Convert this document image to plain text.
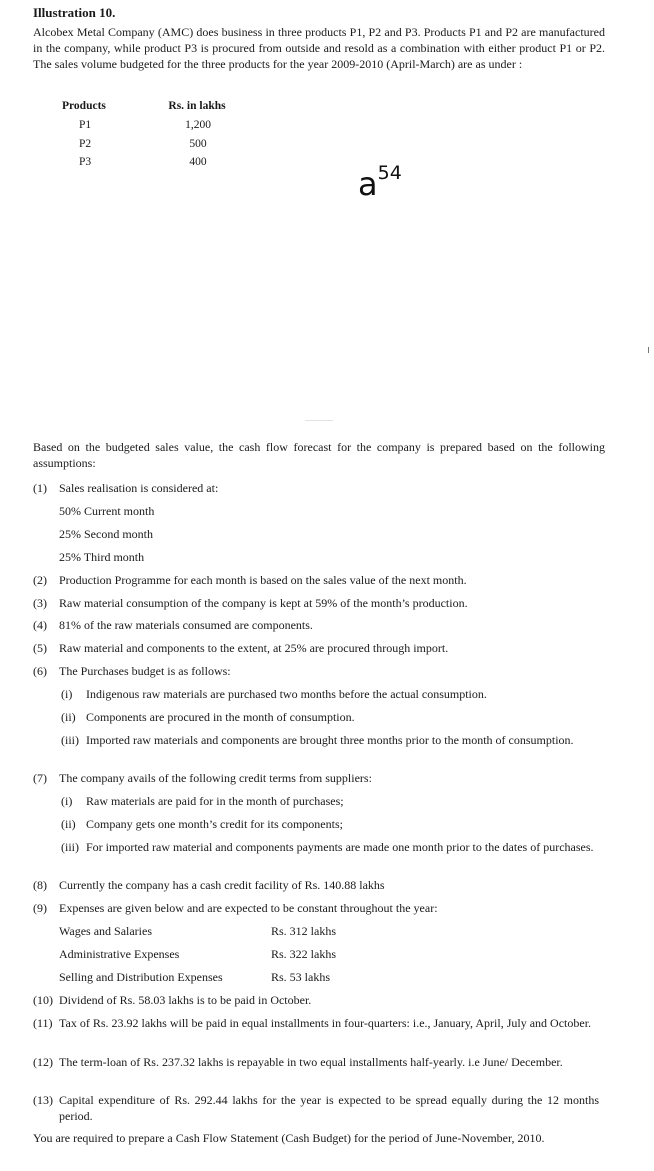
Illustration 10.
Alcobex Metal Company (AMC) does business in three products P1, P2 and P3. Products P1 and P2 are manufactured in the company, while product P3 is procured from outside and resold as a combination with either product P1 or P2. The sales volume budgeted for the three products for the year 2009-2010 (April-March) are as under :
Products	Rs. in lakhs
P1	1,200
P2	500
P3	400
$a^{54}$
Based on the budgeted sales value, the cash flow forecast for the company is prepared based on the following assumptions:
(1) Sales realisation is considered at:
50% Current month
25% Second month
25% Third month
(2) Production Programme for each month is based on the sales value of the next month.
(3) Raw material consumption of the company is kept at 59% of the month’s production.
(4) 81% of the raw materials consumed are components.
(5) Raw material and components to the extent, at 25% are procured through import.
(6) The Purchases budget is as follows:
(i) Indigenous raw materials are purchased two months before the actual consumption.
(ii) Components are procured in the month of consumption.
(iii) Imported raw materials and components are brought three months prior to the month of consumption.
(7) The company avails of the following credit terms from suppliers:
(i) Raw materials are paid for in the month of purchases;
(ii) Company gets one month’s credit for its components;
(iii) For imported raw material and components payments are made one month prior to the dates of purchases.
(8) Currently the company has a cash credit facility of Rs. 140.88 lakhs
(9) Expenses are given below and are expected to be constant throughout the year:
Wages and Salaries	Rs. 312 lakhs
Administrative Expenses	Rs. 322 lakhs
Selling and Distribution Expenses	Rs. 53 lakhs
(10) Dividend of Rs. 58.03 lakhs is to be paid in October.
(11) Tax of Rs. 23.92 lakhs will be paid in equal installments in four-quarters: i.e., January, April, July and October.
(12) The term-loan of Rs. 237.32 lakhs is repayable in two equal installments half-yearly. i.e June/ December.
(13) Capital expenditure of Rs. 292.44 lakhs for the year is expected to be spread equally during the 12 months period.
You are required to prepare a Cash Flow Statement (Cash Budget) for the period of June-November, 2010.
